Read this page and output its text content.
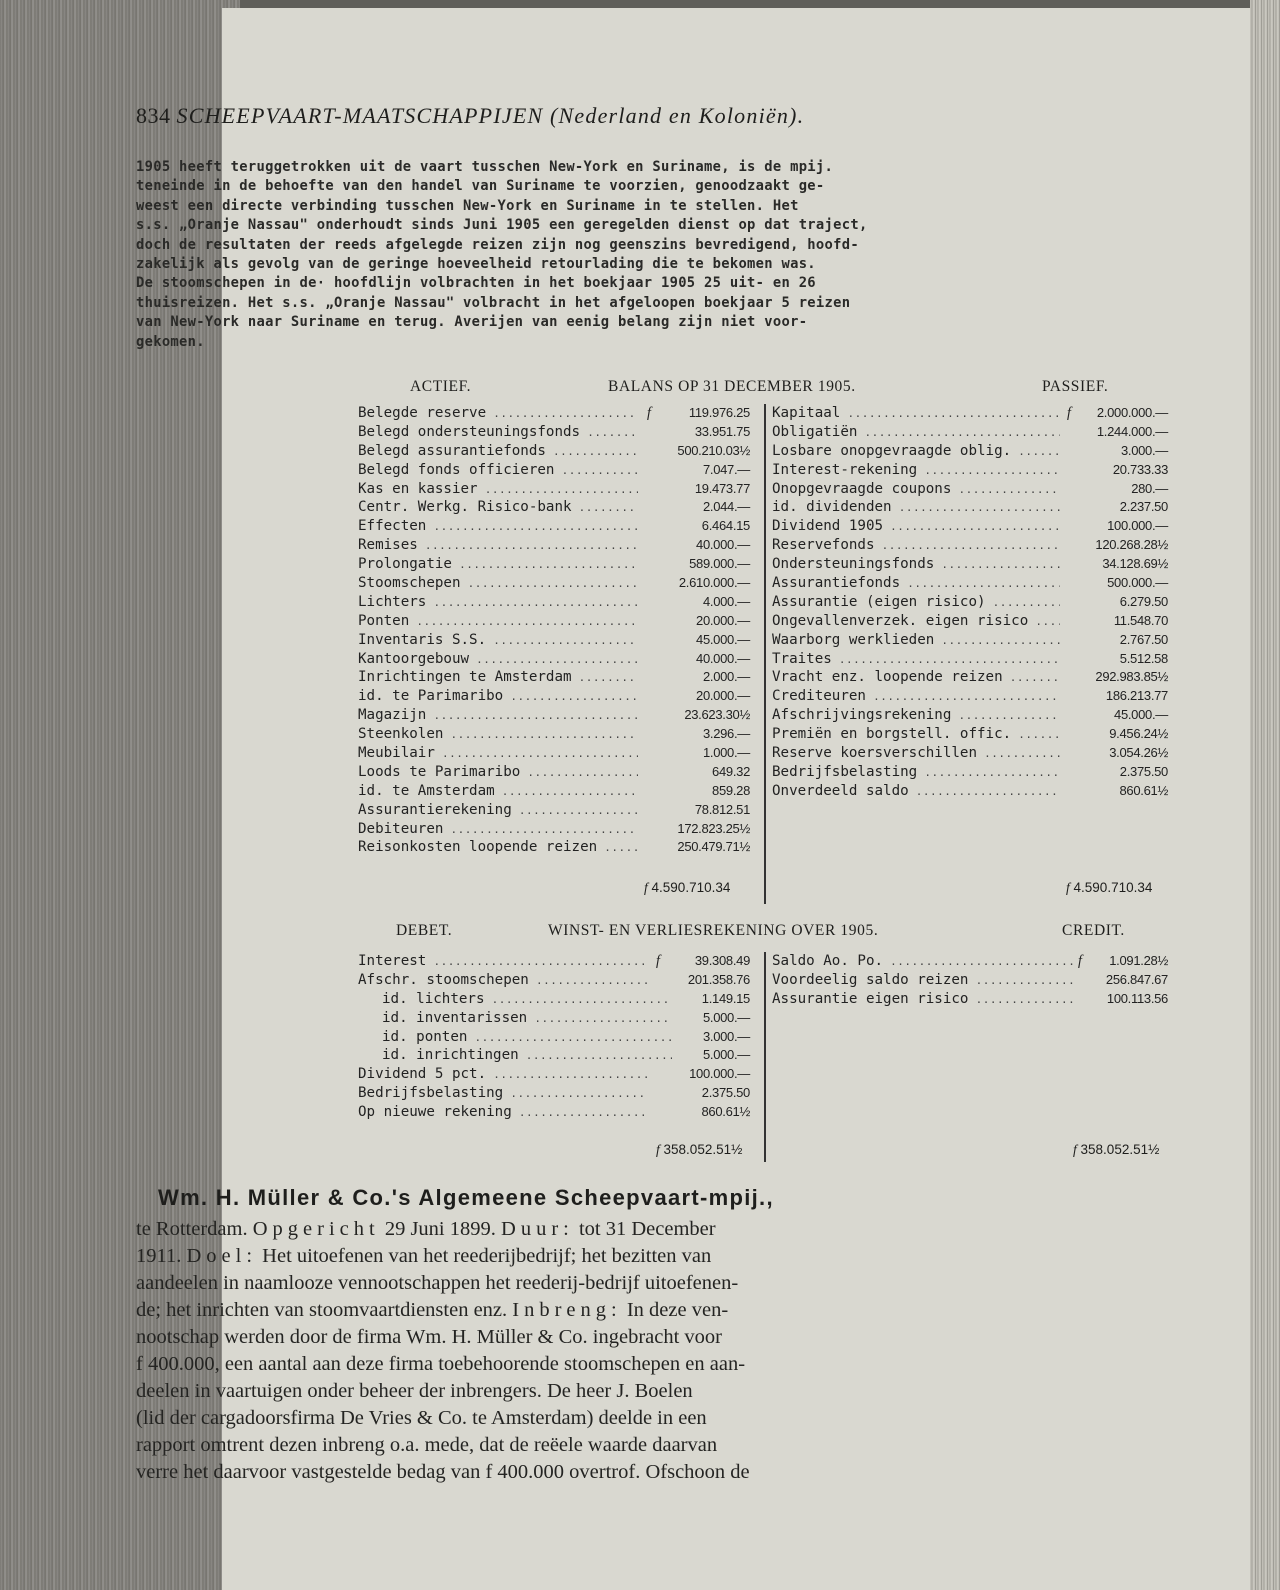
834 SCHEEPVAART-MAATSCHAPPIJEN (Nederland en Koloniën).
1905 heeft teruggetrokken uit de vaart tusschen New-York en Suriname, is de mpij.
teneinde in de behoefte van den handel van Suriname te voorzien, genoodzaakt ge-
weest een directe verbinding tusschen New-York en Suriname in te stellen. Het
s.s. „Oranje Nassau" onderhoudt sinds Juni 1905 een geregelden dienst op dat traject,
doch de resultaten der reeds afgelegde reizen zijn nog geenszins bevredigend, hoofd-
zakelijk als gevolg van de geringe hoeveelheid retourlading die te bekomen was.
De stoomschepen in de· hoofdlijn volbrachten in het boekjaar 1905 25 uit- en 26
thuisreizen. Het s.s. „Oranje Nassau" volbracht in het afgeloopen boekjaar 5 reizen
van New-York naar Suriname en terug. Averijen van eenig belang zijn niet voor-
gekomen.
ACTIEF.	BALANS OP 31 DECEMBER 1905.	PASSIEF.
Belegde reserve .....	f	119.976.25
Belegd ondersteuningsfonds .....	33.951.75
Belegd assurantiefonds .....	500.210.03½
Belegd fonds officieren .....	7.047.—
Kas en kassier .....	19.473.77
Centr. Werkg. Risico-bank .....	2.044.—
Effecten .....	6.464.15
Remises .....	40.000.—
Prolongatie .....	589.000.—
Stoomschepen .....	2.610.000.—
Lichters .....	4.000.—
Ponten .....	20.000.—
Inventaris S.S. .....	45.000.—
Kantoorgebouw .....	40.000.—
Inrichtingen te Amsterdam .....	2.000.—
id. te Parimaribo .....	20.000.—
Magazijn .....	23.623.30½
Steenkolen .....	3.296.—
Meubilair .....	1.000.—
Loods te Parimaribo .....	649.32
id. te Amsterdam .....	859.28
Assurantierekening .....	78.812.51
Debiteuren .....	172.823.25½
Reisonkosten loopende reizen .....	250.479.71½
Kapitaal .....	f 2.000.000.—
Obligatiën .....	1.244.000.—
Losbare onopgevraagde oblig. .....	3.000.—
Interest-rekening .....	20.733.33
Onopgevraagde coupons .....	280.—
id. dividenden .....	2.237.50
Dividend 1905 .....	100.000.—
Reservefonds .....	120.268.28½
Ondersteuningsfonds .....	34.128.69½
Assurantiefonds .....	500.000.—
Assurantie (eigen risico) .....	6.279.50
Ongevallenverzek. eigen risico .....	11.548.70
Waarborg werklieden .....	2.767.50
Traites .....	5.512.58
Vracht enz. loopende reizen .....	292.983.85½
Crediteuren .....	186.213.77
Afschrijvingsrekening .....	45.000.—
Premiën en borgstell. offic. .....	9.456.24½
Reserve koersverschillen .....	3.054.26½
Bedrijfsbelasting .....	2.375.50
Onverdeeld saldo .....	860.61½
f 4.590.710.34	f 4.590.710.34
DEBET.	WINST- EN VERLIESREKENING OVER 1905.	CREDIT.
Interest .....	f	39.308.49
Afschr. stoomschepen .....	201.358.76
id. lichters .....	1.149.15
id. inventarissen .....	5.000.—
id. ponten .....	3.000.—
id. inrichtingen .....	5.000.—
Dividend 5 pct. .....	100.000.—
Bedrijfsbelasting .....	2.375.50
Op nieuwe rekening .....	860.61½
Saldo Ao. Po. .....	f 1.091.28½
Voordeelig saldo reizen .....	256.847.67
Assurantie eigen risico .....	100.113.56
f 358.052.51½	f 358.052.51½
Wm. H. Müller & Co.'s Algemeene Scheepvaart-mpij.,
te Rotterdam. Opgericht 29 Juni 1899. Duur: tot 31 December
1911. Doel: Het uitoefenen van het reederijbedrijf; het bezitten van
aandeelen in naamlooze vennootschappen het reederij-bedrijf uitoefenen-
de; het inrichten van stoomvaartdiensten enz. Inbreng: In deze ven-
nootschap werden door de firma Wm. H. Müller & Co. ingebracht voor
f 400.000, een aantal aan deze firma toebehoorende stoomschepen en aan-
deelen in vaartuigen onder beheer der inbrengers. De heer J. Boelen
(lid der cargadoorsfirma De Vries & Co. te Amsterdam) deelde in een
rapport omtrent dezen inbreng o.a. mede, dat de reëele waarde daarvan
verre het daarvoor vastgestelde bedag van f 400.000 overtrof. Ofschoon de
